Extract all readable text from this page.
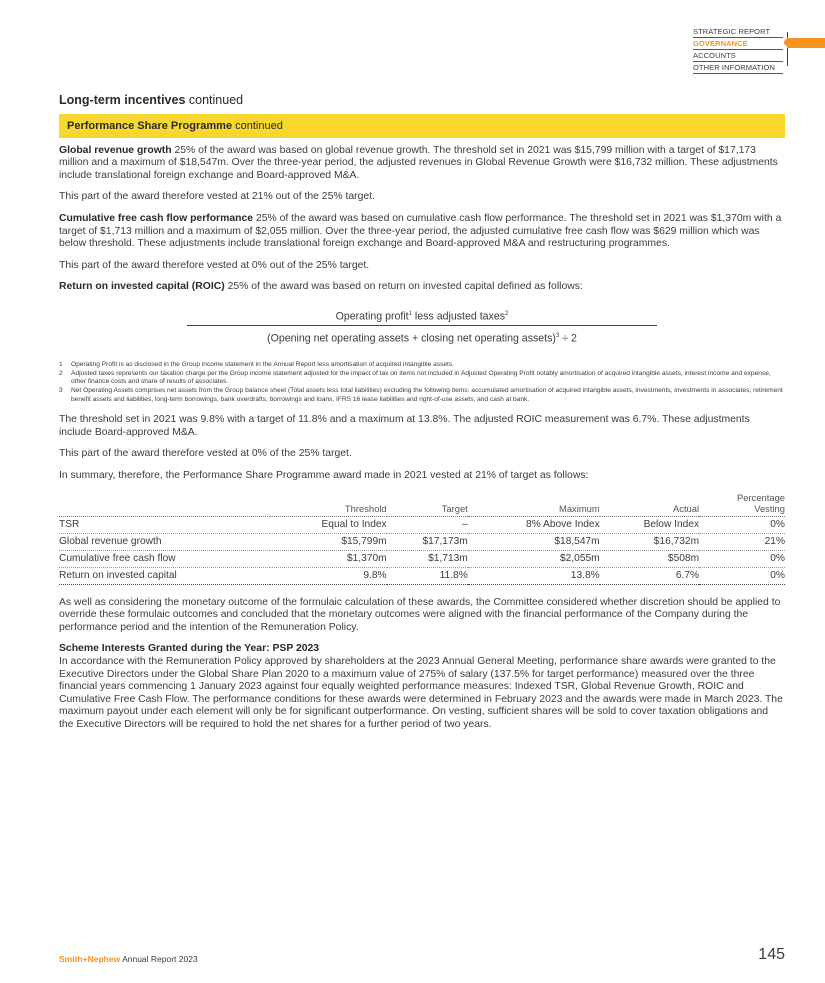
STRATEGIC REPORT
GOVERNANCE
ACCOUNTS
OTHER INFORMATION
Long-term incentives continued
Performance Share Programme continued

Global revenue growth 25% of the award was based on global revenue growth. The threshold set in 2021 was $15,799 million with a target of $17,173 million and a maximum of $18,547m. Over the three-year period, the adjusted revenues in Global Revenue Growth were $16,732 million. These adjustments include translational foreign exchange and Board-approved M&A.

This part of the award therefore vested at 21% out of the 25% target.

Cumulative free cash flow performance 25% of the award was based on cumulative cash flow performance. The threshold set in 2021 was $1,370m with a target of $1,713 million and a maximum of $2,055 million. Over the three-year period, the adjusted cumulative free cash flow was $629 million which was below threshold. These adjustments include translational foreign exchange and Board-approved M&A and restructuring programmes.

This part of the award therefore vested at 0% out of the 25% target.

Return on invested capital (ROIC) 25% of the award was based on return on invested capital defined as follows:

Operating profit$^1$ less adjusted taxes$^2$
(Opening net operating assets + closing net operating assets)$^3$ ÷ 2
1	Operating Profit is as disclosed in the Group income statement in the Annual Report less amortisation of acquired intangible assets.
2	Adjusted taxes represents our taxation charge per the Group income statement adjusted for the impact of tax on items not included in Adjusted Operating Profit notably amortisation of acquired intangible assets, interest income and expense, other finance costs and share of results of associates.
3	Net Operating Assets comprises net assets from the Group balance sheet (Total assets less total liabilities) excluding the following items: accumulated amortisation of acquired intangible assets, investments, investments in associates, retirement benefit assets and liabilities, long-term borrowings, bank overdrafts, borrowings and loans, IFRS 16 lease liabilities and right-of-use assets, and cash at bank.

The threshold set in 2021 was 9.8% with a target of 11.8% and a maximum at 13.8%. The adjusted ROIC measurement was 6.7%. These adjustments include Board-approved M&A.

This part of the award therefore vested at 0% of the 25% target.

In summary, therefore, the Performance Share Programme award made in 2021 vested at 21% of target as follows:

	Threshold	Target	Maximum	Actual	Percentage
Vesting
TSR	Equal to Index	–	8% Above Index	Below Index	0%
Global revenue growth	$15,799m	$17,173m	$18,547m	$16,732m	21%
Cumulative free cash flow	$1,370m	$1,713m	$2,055m	$508m	0%
Return on invested capital	9.8%	11.8%	13.8%	6.7%	0%

As well as considering the monetary outcome of the formulaic calculation of these awards, the Committee considered whether discretion should be applied to override these formulaic outcomes and concluded that the monetary outcomes were aligned with the financial performance of the Company during the performance period and the intention of the Remuneration Policy.

Scheme Interests Granted during the Year: PSP 2023

In accordance with the Remuneration Policy approved by shareholders at the 2023 Annual General Meeting, performance share awards were granted to the Executive Directors under the Global Share Plan 2020 to a maximum value of 275% of salary (137.5% for target performance) measured over the three financial years commencing 1 January 2023 against four equally weighted performance measures: Indexed TSR, Global Revenue Growth, ROIC and Cumulative Free Cash Flow. The performance conditions for these awards were determined in February 2023 and the awards were made in March 2023. The maximum payout under each element will only be for significant outperformance. On vesting, sufficient shares will be sold to cover taxation obligations and the Executive Directors will be required to hold the net shares for a further period of two years.

Smith+Nephew Annual Report 2023	145
